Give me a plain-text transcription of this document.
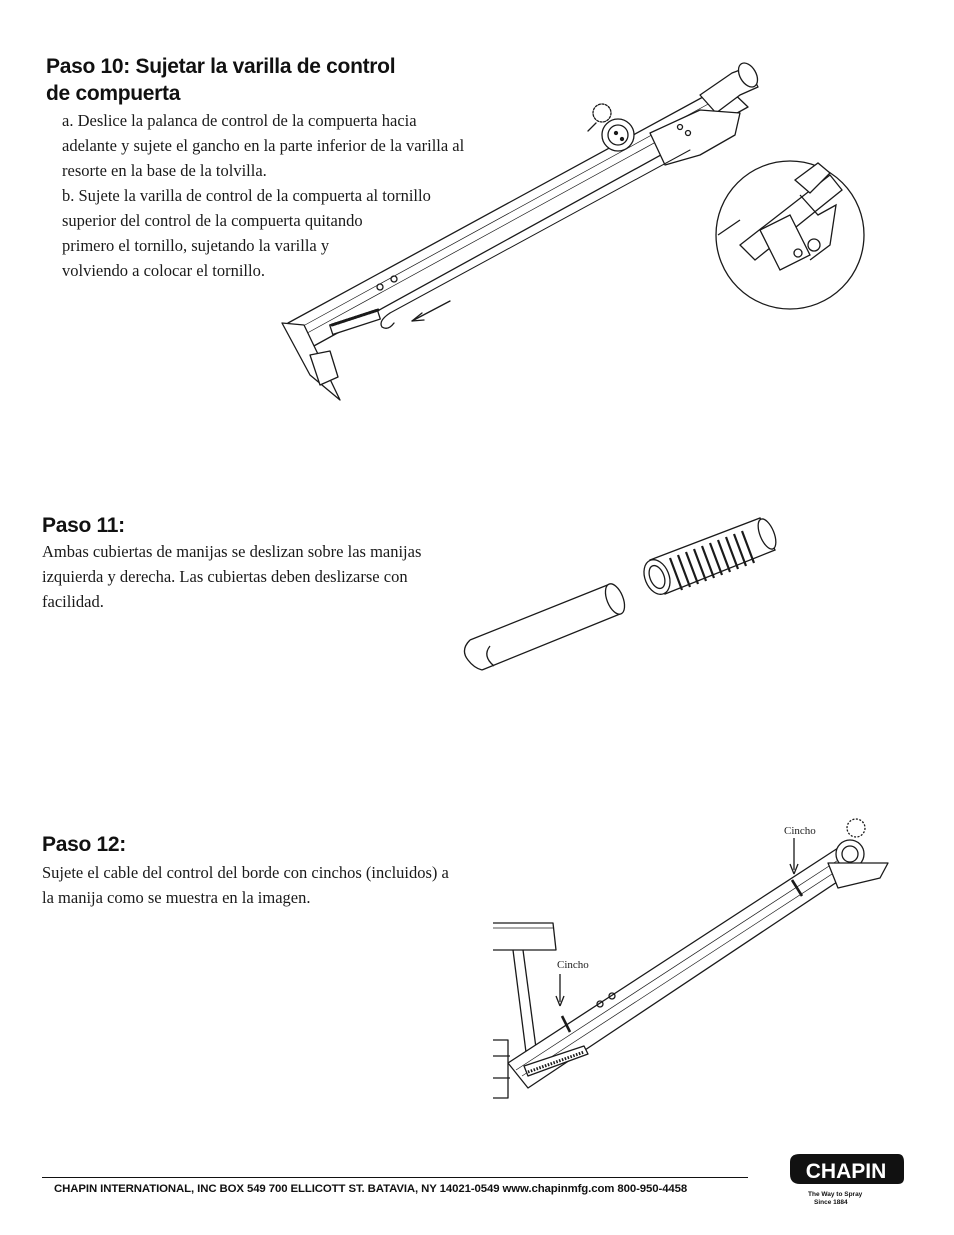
Paso 10: Sujetar la varilla de control
de compuerta
a. Deslice la palanca de control de la compuerta hacia
adelante y sujete el gancho en la parte inferior de la varilla al
resorte en la base de la tolvilla.
b. Sujete la varilla de control de la compuerta al tornillo
superior del control de la compuerta quitando
primero el tornillo, sujetando la varilla y
volviendo a colocar el tornillo.
Paso 11:
Ambas cubiertas de manijas se deslizan sobre las manijas
izquierda y derecha. Las cubiertas deben deslizarse con
facilidad.
Paso 12:
Sujete el cable del control del borde con cinchos (incluidos) a
la manija como se muestra en la imagen.
Cincho
Cincho
CHAPIN INTERNATIONAL, INC BOX 549 700 ELLICOTT ST. BATAVIA, NY 14021-0549 www.chapinmfg.com 800-950-4458
CHAPIN
The Way to Spray
Since 1884
™
